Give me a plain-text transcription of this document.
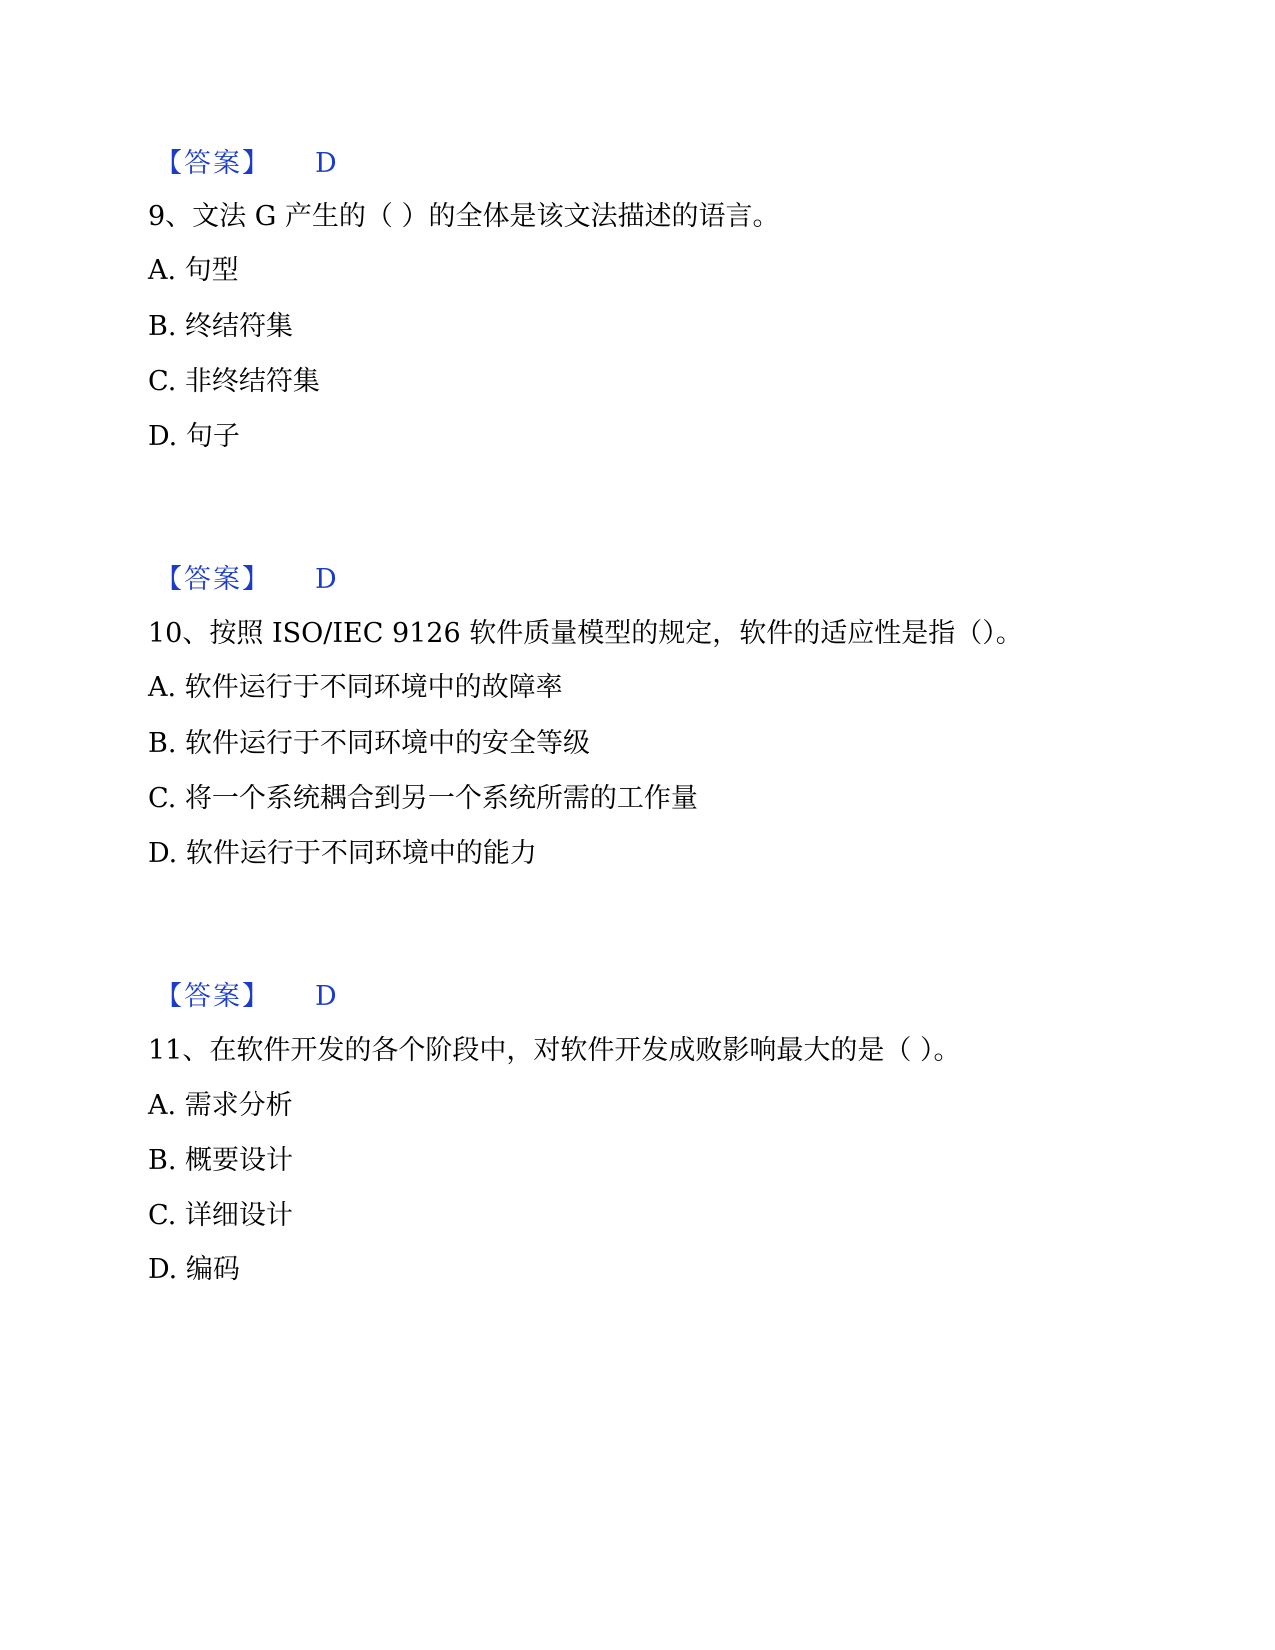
【答案】 D
9、文法 G 产生的（ ）的全体是该文法描述的语言。
A. 句型
B. 终结符集
C. 非终结符集
D. 句子
【答案】 D
10、按照 ISO/IEC 9126 软件质量模型的规定，软件的适应性是指（）。
A. 软件运行于不同环境中的故障率
B. 软件运行于不同环境中的安全等级
C. 将一个系统耦合到另一个系统所需的工作量
D. 软件运行于不同环境中的能力
【答案】 D
11、在软件开发的各个阶段中，对软件开发成败影响最大的是（ ）。
A. 需求分析
B. 概要设计
C. 详细设计
D. 编码
